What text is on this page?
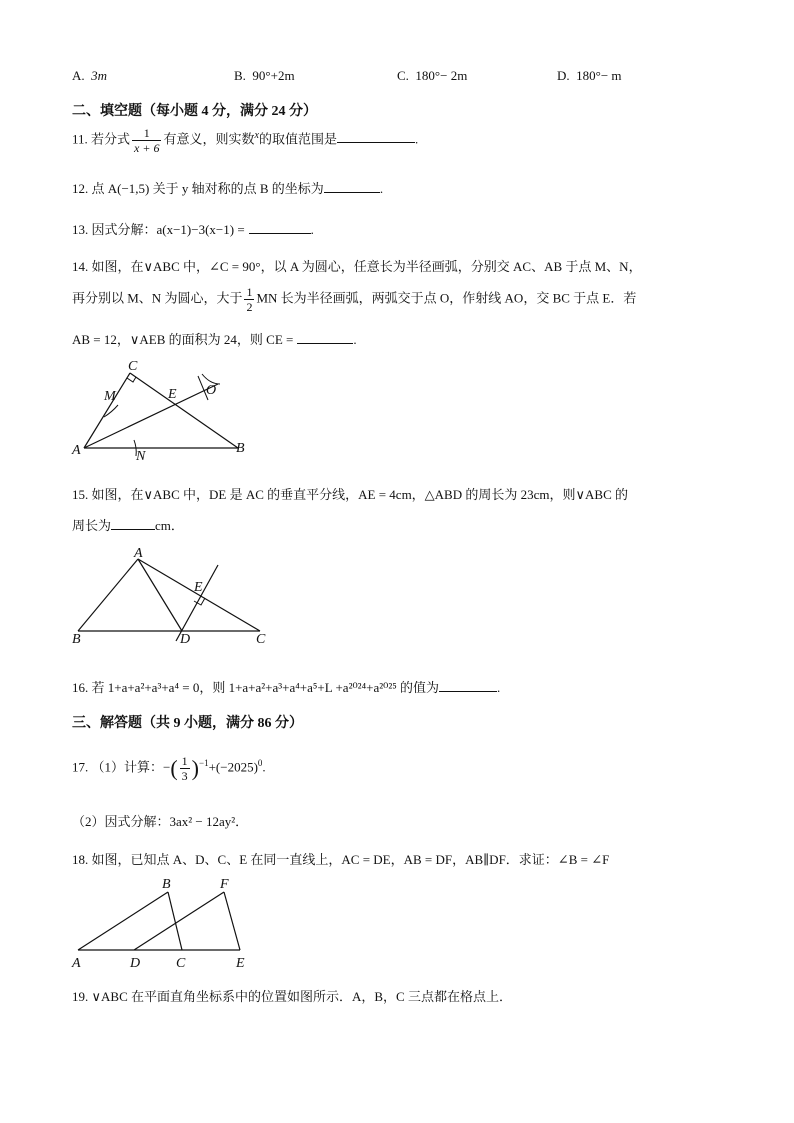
A. 3m	B. 90°+2m	C. 180°− 2m	D. 180°− m
二、填空题（每小题 4 分，满分 24 分）
11. 若分式 $\frac{1}{x + 6}$ 有意义，则实数$^x$的取值范围是	.
12. 点 A(−1,5) 关于 y 轴对称的点 B 的坐标为	.
13. 因式分解：a(x−1)−3(x−1) =	.
14. 如图，在∨ABC 中，∠C = 90°，以 A 为圆心，任意长为半径画弧，分别交 AC、AB 于点 M、N，
再分别以 M、N 为圆心，大于 $\frac{1}{2}$ MN 长为半径画弧，两弧交于点 O，作射线 AO，交 BC 于点 E．若
AB = 12，∨AEB 的面积为 24，则 CE =	.
C
M	E O
A	N
B
15. 如图，在∨ABC 中，DE 是 AC 的垂直平分线，AE = 4cm，△ABD 的周长为 23cm，则∨ABC 的
周长为	cm．
A
E
B	D	C
16. 若 1+a+a²+a³+a⁴ = 0，则 1+a+a²+a³+a⁴+a⁵+L +a²⁰²⁴+a²⁰²⁵ 的值为	.
三、解答题（共 9 小题，满分 86 分）
17. （1）计算：−( $\frac{1}{3} )^{-1}+(-2025)^0$.
（2）因式分解：3ax² − 12ay²．
18. 如图，已知点 A、D、C、E 在同一直线上，AC = DE，AB = DF，AB∥DF．求证：∠B = ∠F
B	F
A	D	C	E
19. ∨ABC 在平面直角坐标系中的位置如图所示．A，B，C 三点都在格点上．
